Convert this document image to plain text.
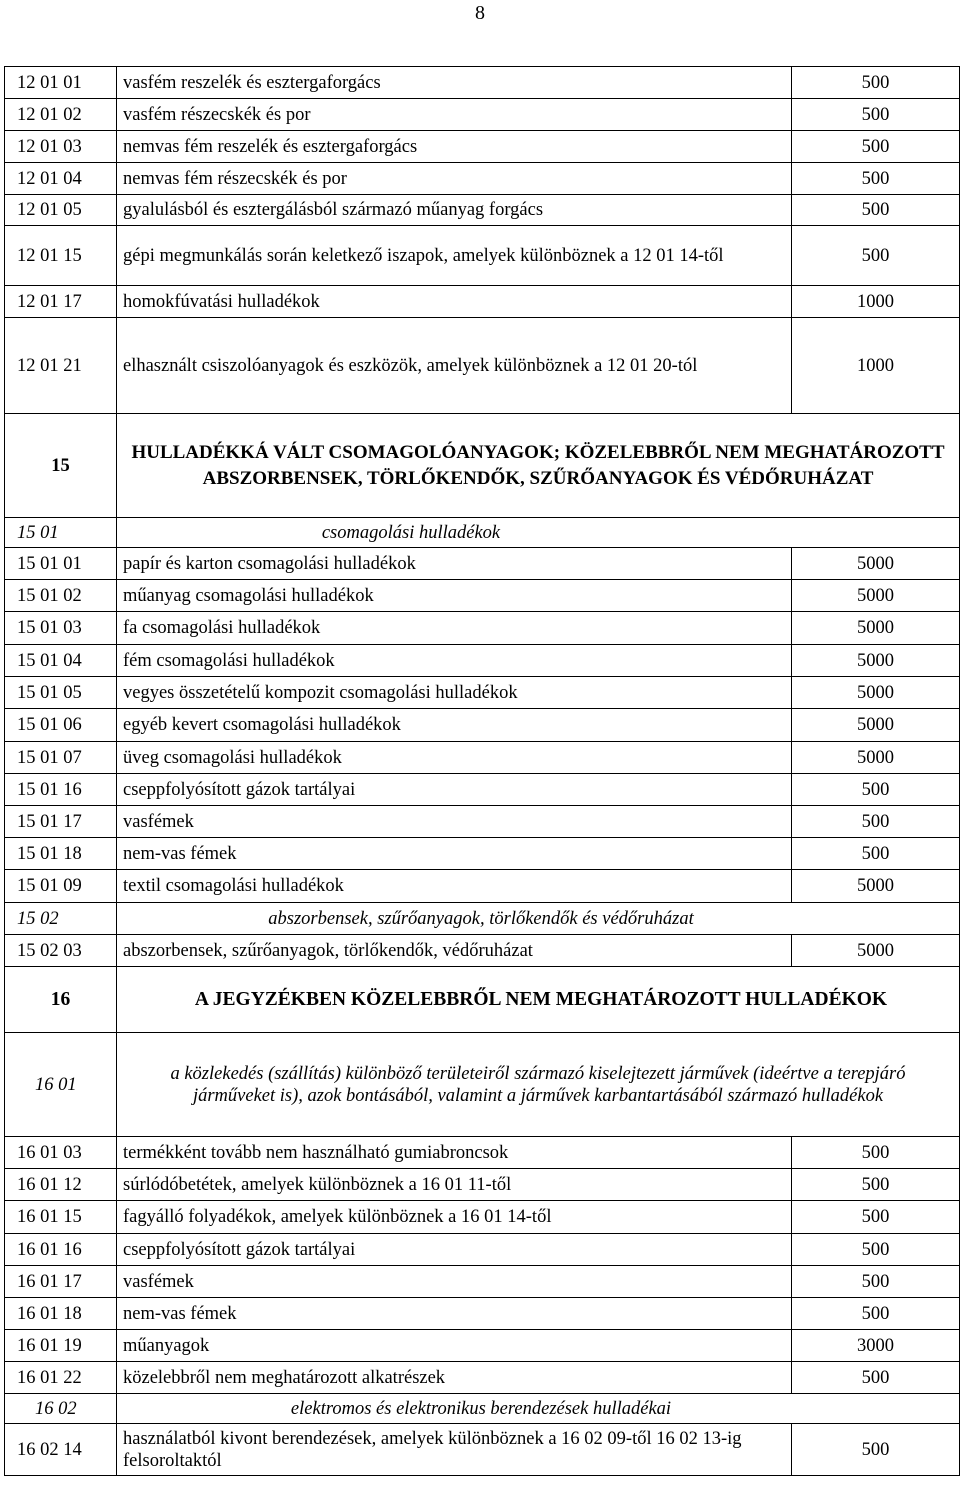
8
12 01 01	vasfém reszelék és esztergaforgács	500
12 01 02	vasfém részecskék és por	500
12 01 03	nemvas fém reszelék és esztergaforgács	500
12 01 04	nemvas fém részecskék és por	500
12 01 05	gyalulásból és esztergálásból származó műanyag forgács	500
12 01 15	gépi megmunkálás során keletkező iszapok, amelyek különböznek a 12 01 14-től	500
12 01 17	homokfúvatási hulladékok	1000
12 01 21	elhasznált csiszolóanyagok és eszközök, amelyek különböznek a 12 01 20-tól	1000
15	HULLADÉKKÁ VÁLT CSOMAGOLÓANYAGOK; KÖZELEBBRŐL NEM MEGHATÁROZOTT ABSZORBENSEK, TÖRLŐKENDŐK, SZŰRŐANYAGOK ÉS VÉDŐRUHÁZAT	
15 01	csomagolási hulladékok	
15 01 01	papír és karton csomagolási hulladékok	5000
15 01 02	műanyag csomagolási hulladékok	5000
15 01 03	fa csomagolási hulladékok	5000
15 01 04	fém csomagolási hulladékok	5000
15 01 05	vegyes összetételű kompozit csomagolási hulladékok	5000
15 01 06	egyéb kevert csomagolási hulladékok	5000
15 01 07	üveg csomagolási hulladékok	5000
15 01 16	cseppfolyósított gázok tartályai	500
15 01 17	vasfémek	500
15 01 18	nem-vas fémek	500
15 01 09	textil csomagolási hulladékok	5000
15 02	abszorbensek, szűrőanyagok, törlőkendők és védőruházat	
15 02 03	abszorbensek, szűrőanyagok, törlőkendők, védőruházat	5000
16	A JEGYZÉKBEN KÖZELEBBRŐL NEM MEGHATÁROZOTT HULLADÉKOK	
16 01	a közlekedés (szállítás) különböző területeiről származó kiselejtezett járművek (ideértve a terepjáró járműveket is), azok bontásából, valamint a járművek karbantartásából származó hulladékok	
16 01 03	termékként tovább nem használható gumiabroncsok	500
16 01 12	súrlódóbetétek, amelyek különböznek a 16 01 11-től	500
16 01 15	fagyálló folyadékok, amelyek különböznek a 16 01 14-től	500
16 01 16	cseppfolyósított gázok tartályai	500
16 01 17	vasfémek	500
16 01 18	nem-vas fémek	500
16 01 19	műanyagok	3000
16 01 22	közelebbről nem meghatározott alkatrészek	500
16 02	elektromos és elektronikus berendezések hulladékai	
16 02 14	használatból kivont berendezések, amelyek különböznek a 16 02 09-től 16 02 13-ig felsoroltaktól	500
